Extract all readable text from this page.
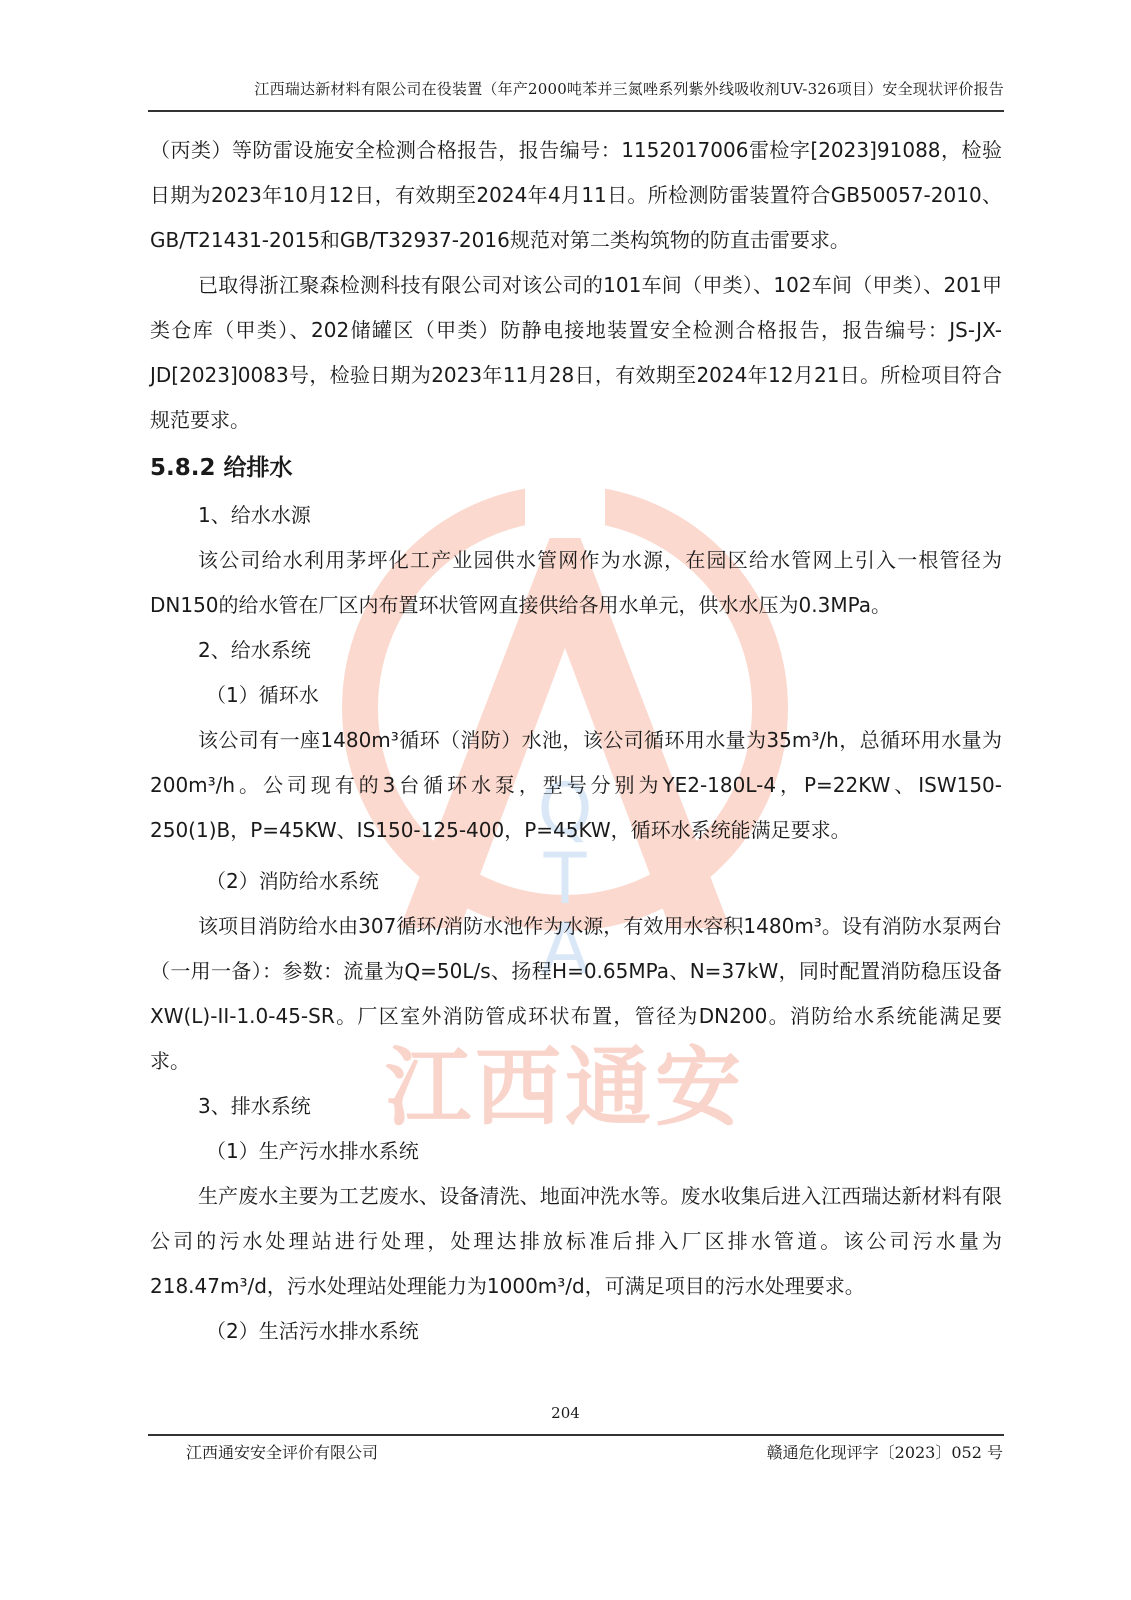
Q
T
A
江西通安
江西瑞达新材料有限公司在役装置（年产2000吨苯并三氮唑系列紫外线吸收剂UV-326项目）安全现状评价报告

（丙类）等防雷设施安全检测合格报告，报告编号：1152017006雷检字[2023]91088，检验日期为2023年10月12日，有效期至2024年4月11日。所检测防雷装置符合GB50057-2010、GB/T21431-2015和GB/T32937-2016规范对第二类构筑物的防直击雷要求。

已取得浙江聚森检测科技有限公司对该公司的101车间（甲类）、102车间（甲类）、201甲类仓库（甲类）、202储罐区（甲类）防静电接地装置安全检测合格报告，报告编号：JS-JX-JD[2023]0083号，检验日期为2023年11月28日，有效期至2024年12月21日。所检项目符合规范要求。

5.8.2 给排水

1、给水水源

该公司给水利用茅坪化工产业园供水管网作为水源，在园区给水管网上引入一根管径为DN150的给水管在厂区内布置环状管网直接供给各用水单元，供水水压为0.3MPa。

2、给水系统

（1）循环水

该公司有一座1480m³循环（消防）水池，该公司循环用水量为35m³/h，总循环用水量为200m³/h。公司现有的3台循环水泵，型号分别为YE2-180L-4，P=22KW、ISW150-250(1)B，P=45KW、IS150-125-400，P=45KW，循环水系统能满足要求。

（2）消防给水系统

该项目消防给水由307循环/消防水池作为水源，有效用水容积1480m³。设有消防水泵两台（一用一备）：参数：流量为Q=50L/s、扬程H=0.65MPa、N=37kW，同时配置消防稳压设备XW(L)-II-1.0-45-SR。厂区室外消防管成环状布置，管径为DN200。消防给水系统能满足要求。

3、排水系统

（1）生产污水排水系统

生产废水主要为工艺废水、设备清洗、地面冲洗水等。废水收集后进入江西瑞达新材料有限公司的污水处理站进行处理，处理达排放标准后排入厂区排水管道。该公司污水量为218.47m³/d，污水处理站处理能力为1000m³/d，可满足项目的污水处理要求。

（2）生活污水排水系统

204
江西通安安全评价有限公司	赣通危化现评字〔2023〕052 号
